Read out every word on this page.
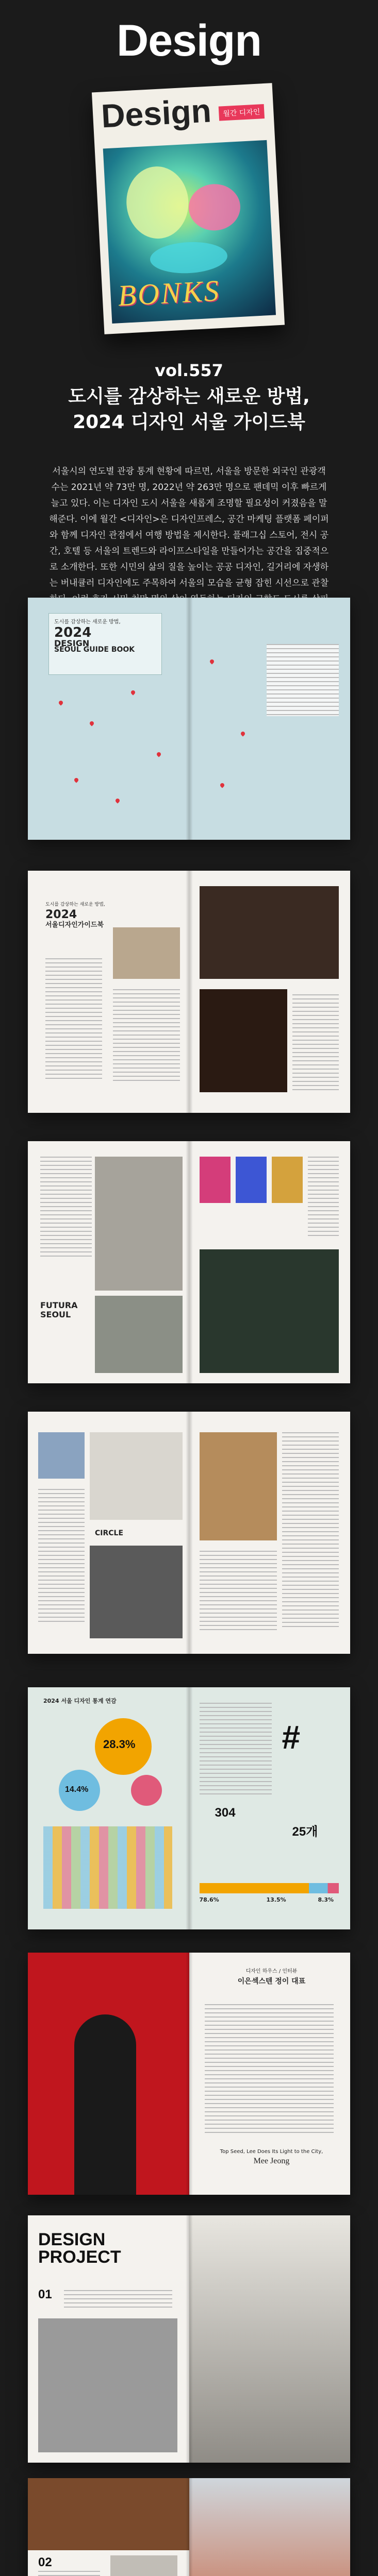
Design
Design	월간 디자인
BONKS
vol.557
도시를 감상하는 새로운 방법,
2024 디자인 서울 가이드북
서울시의 연도별 관광 통계 현황에 따르면, 서울을 방문한 외국인 관광객 수는 2021년 약 73만 명, 2022년 약 263만 명으로 팬데믹 이후 빠르게 늘고 있다. 이는 디자인 도시 서울을 새롭게 조명할 필요성이 커졌음을 말해준다. 이에 월간 <디자인>은 디자인프레스, 공간 마케팅 플랫폼 페이퍼와 함께 디자인 관점에서 여행 방법을 제시한다. 플래그십 스토어, 전시 공간, 호텔 등 서울의 트렌드와 라이프스타일을 만들어가는 공간을 집중적으로 소개한다. 또한 시민의 삶의 질을 높이는 공공 디자인, 길거리에 자생하는 버내큘러 디자인에도 주목하여 서울의 모습을 균형 잡힌 시선으로 관찰
도시를 감상하는 새로운 방법,
2024
DESIGN
SEOUL GUIDE BOOK
도시를 감상하는 새로운 방법,
2024
서울디자인가이드북
FUTURA
SEOUL
CIRCLE
2024 서울 디자인 통계 연감
28.3%
14.4%
#
304
25개
78.6%	13.5%	8.3%
디자인 하우스 / 인터뷰
이은섹스텐 정이 대표
Top Seed, Lee Does Its Light to the City,
Mee Jeong
DESIGN
PROJECT
01
02
